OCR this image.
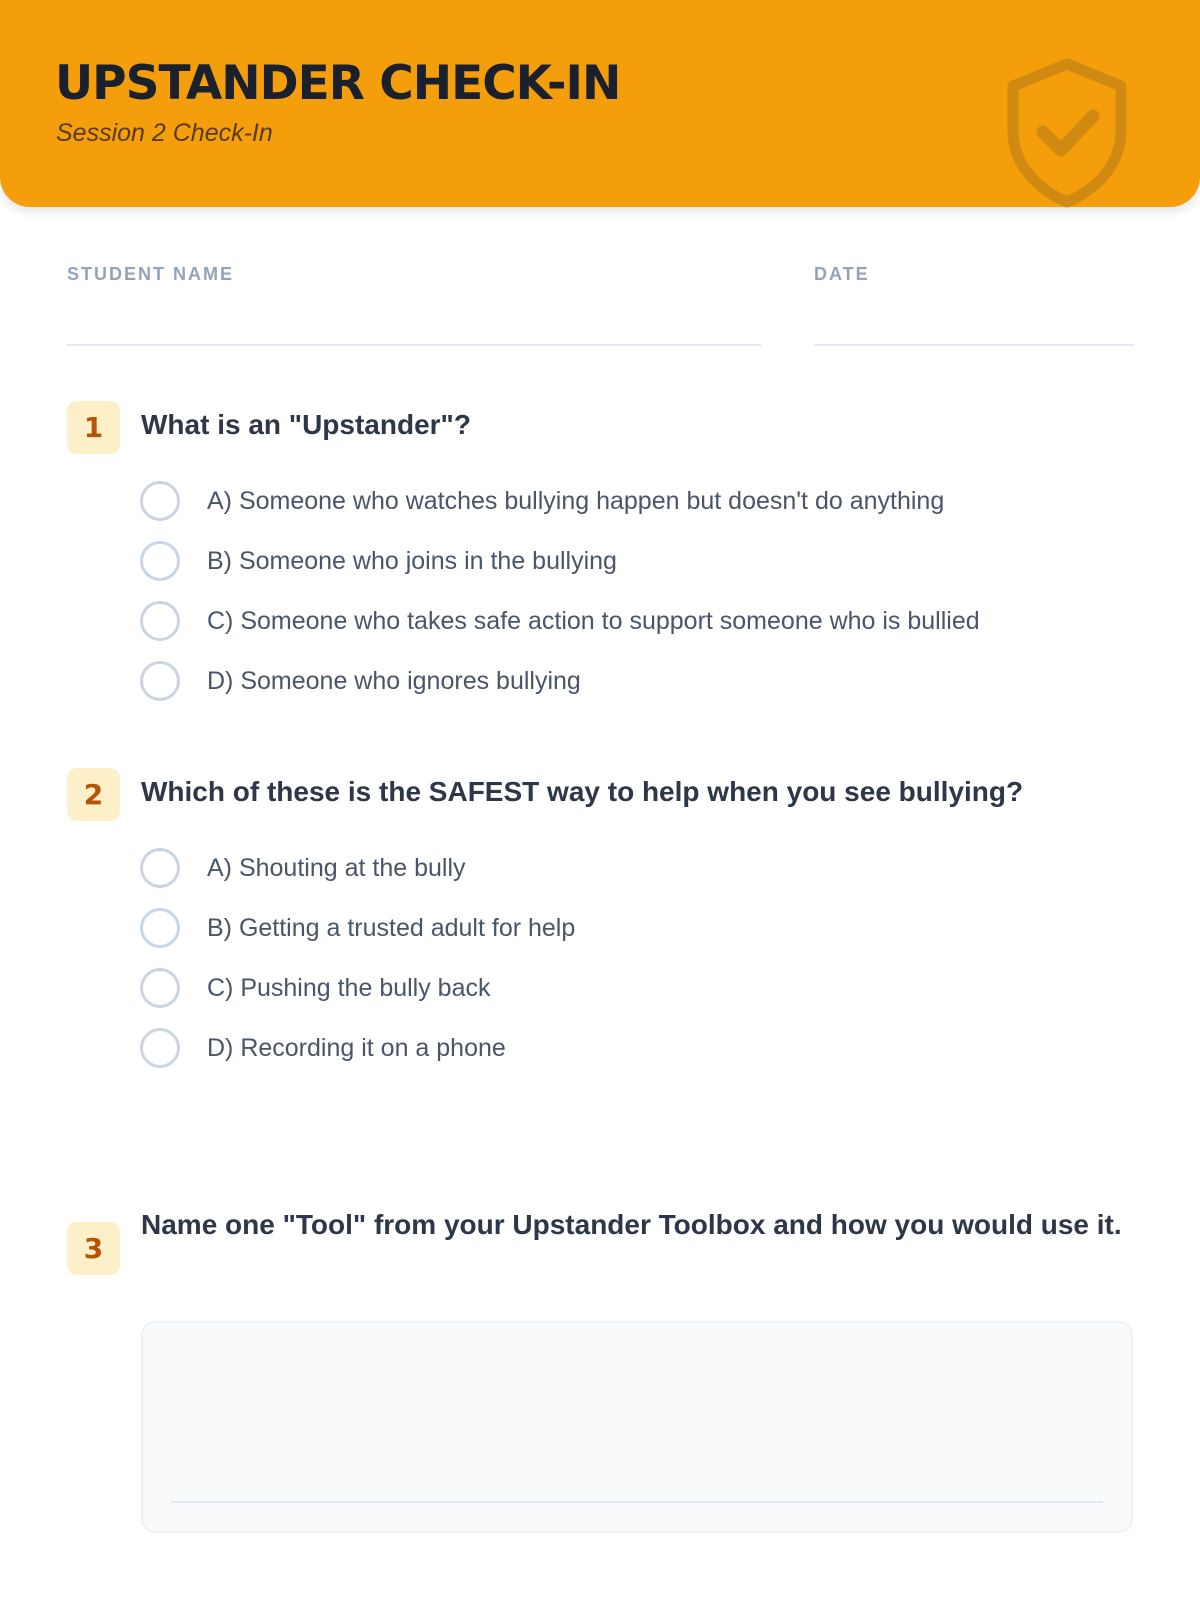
UPSTANDER CHECK-IN
Session 2 Check-In
STUDENT NAME	DATE
1	What is an "Upstander"?
A) Someone who watches bullying happen but doesn't do anything
B) Someone who joins in the bullying
C) Someone who takes safe action to support someone who is bullied
D) Someone who ignores bullying
2	Which of these is the SAFEST way to help when you see bullying?
A) Shouting at the bully
B) Getting a trusted adult for help
C) Pushing the bully back
D) Recording it on a phone
3
Name one "Tool" from your Upstander Toolbox and how you would use it.
